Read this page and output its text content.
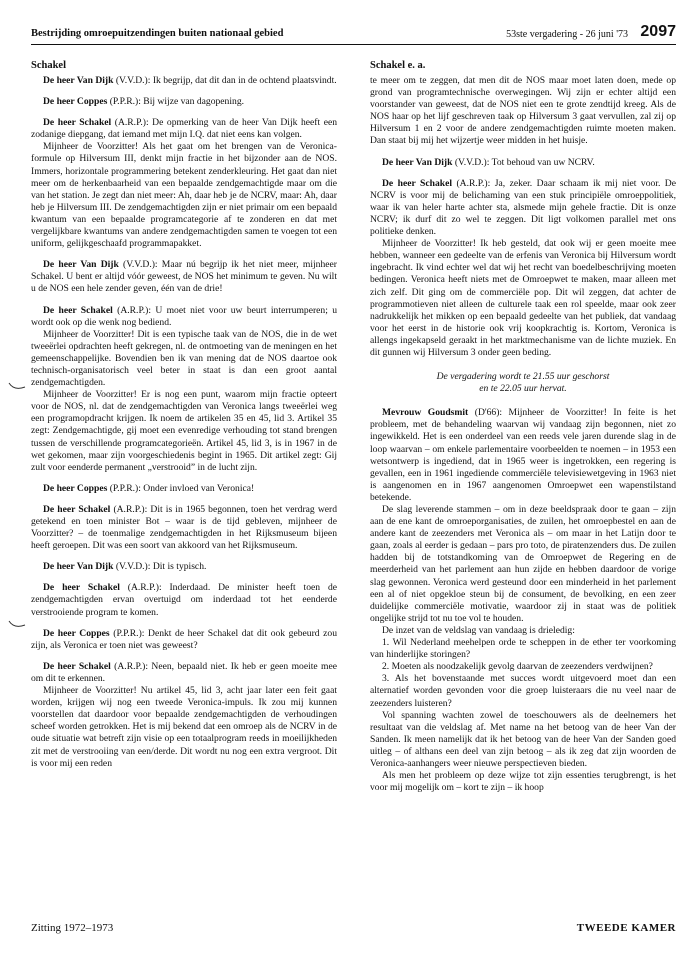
Bestrijding omroepuitzendingen buiten nationaal gebied	53ste vergadering - 26 juni '73 2097
Schakel

De heer Van Dijk (V.V.D.): Ik begrijp, dat dit dan in de ochtend plaatsvindt.

De heer Coppes (P.P.R.): Bij wijze van dagopening.

De heer Schakel (A.R.P.): De opmerking van de heer Van Dijk heeft een zodanige diepgang, dat iemand met mijn I.Q. dat niet eens kan volgen.

Mijnheer de Voorzitter! Als het gaat om het brengen van de Veronica-formule op Hilversum III, denkt mijn fractie in het bijzonder aan de NOS. Immers, horizontale programmering betekent zenderkleuring. Het gaat dan niet meer om de herkenbaarheid van een bepaalde zendgemachtigde maar om die van het station. Je zegt dan niet meer: Ah, daar heb je de NCRV, maar: Ah, daar heb je Hilversum III. De zendgemachtigden zijn er niet primair om een bepaald kwantum van een bepaalde programcategorie af te zonderen en dat met vergelijkbare kwantums van andere zendgemachtigden samen te voegen tot een uniform, gelijkgeschaafd programmapakket.

De heer Van Dijk (V.V.D.): Maar nú begrijp ik het niet meer, mijnheer Schakel. U bent er altijd vóór geweest, de NOS het minimum te geven. Nu wilt u de NOS een hele zender geven, één van de drie!

De heer Schakel (A.R.P.): U moet niet voor uw beurt interrumperen; u wordt ook op die wenk nog bediend.

Mijnheer de Voorzitter! Dit is een typische taak van de NOS, die in de wet tweeërlei opdrachten heeft gekregen, nl. de ontmoeting van de meningen en het gemeenschappelijke. Bovendien ben ik van mening dat de NOS daartoe ook technisch-organisatorisch veel beter in staat is dan een groot aantal zendgemachtigden.

Mijnheer de Voorzitter! Er is nog een punt, waarom mijn fractie opteert voor de NOS, nl. dat de zendgemachtigden van Veronica langs tweeërlei weg een programopdracht krijgen. Ik noem de artikelen 35 en 45, lid 3. Artikel 35 zegt: Zendgemachtigde, gij moet een evenredige verhouding tot stand brengen tussen de verschillende programcategorieën. Artikel 45, lid 3, is in 1967 in de wet gekomen, maar zijn voorgeschiedenis begint in 1965. Dit artikel zegt: Gij zult voor eenderde permanent „verstrooid” in de lucht zijn.

De heer Coppes (P.P.R.): Onder invloed van Veronica!

De heer Schakel (A.R.P.): Dit is in 1965 begonnen, toen het verdrag werd getekend en toen minister Bot – waar is de tijd gebleven, mijnheer de Voorzitter? – de toenmalige zendgemachtigden in het Rijksmuseum bijeen heeft geroepen. Dit was een soort van akkoord van het Rijksmuseum.

De heer Van Dijk (V.V.D.): Dit is typisch.

De heer Schakel (A.R.P.): Inderdaad. De minister heeft toen de zendgemachtigden ervan overtuigd om inderdaad tot het eenderde verstrooiende program te komen.

De heer Coppes (P.P.R.): Denkt de heer Schakel dat dit ook gebeurd zou zijn, als Veronica er toen niet was geweest?

De heer Schakel (A.R.P.): Neen, bepaald niet. Ik heb er geen moeite mee om dit te erkennen.

Mijnheer de Voorzitter! Nu artikel 45, lid 3, acht jaar later een feit gaat worden, krijgen wij nog een tweede Veronica-impuls. Ik zou mij kunnen voorstellen dat daardoor voor bepaalde zendgemachtigden de verhoudingen scheef worden getrokken. Het is mij bekend dat een omroep als de NCRV in de oude situatie wat betreft zijn visie op een totaalprogram reeds in moeilijkheden zit met de verstrooiing van een/derde. Dit wordt nu nog een extra vergroot. Dit is voor mij een reden

Schakel e. a.

te meer om te zeggen, dat men dit de NOS maar moet laten doen, mede op grond van programtechnische overwegingen. Wij zijn er echter altijd een voorstander van geweest, dat de NOS niet een te grote zendtijd kreeg. Als de NOS haar op het lijf geschreven taak op Hilversum 3 gaat vervullen, zal zij op Hilversum 1 en 2 voor de andere zendgemachtigden ruimte moeten maken. Dan staat bij mij het wijzertje weer midden in het huisje.

De heer Van Dijk (V.V.D.): Tot behoud van uw NCRV.

De heer Schakel (A.R.P.): Ja, zeker. Daar schaam ik mij niet voor. De NCRV is voor mij de belichaming van een stuk principiële omroeppolitiek, waar ik van heler harte achter sta, alsmede mijn gehele fractie. Dit is onze NCRV; ik durf dit zo wel te zeggen. Dit ligt volkomen parallel met ons politieke denken.

Mijnheer de Voorzitter! Ik heb gesteld, dat ook wij er geen moeite mee hebben, wanneer een gedeelte van de erfenis van Veronica bij Hilversum wordt ingebracht. Ik vind echter wel dat wij het recht van boedelbeschrijving moeten bedingen. Veronica heeft niets met de Omroepwet te maken, maar alleen met zich zelf. Dit ging om de commerciële pop. Dit wil zeggen, dat achter de programmotieven niet alleen de culturele taak een rol speelde, maar ook zeer nadrukkelijk het mikken op een bepaald gedeelte van het publiek, dat vandaag voor het eerst in de historie ook vrij koopkrachtig is. Kortom, Veronica is allengs ingekapseld geraakt in het marktmechanisme van de lichte muziek. En dit gunnen wij Hilversum 3 onder geen beding.

De vergadering wordt te 21.55 uur geschorst
en te 22.05 uur hervat.

Mevrouw Goudsmit (D'66): Mijnheer de Voorzitter! In feite is het probleem, met de behandeling waarvan wij vandaag zijn begonnen, niet zo ingewikkeld. Het is een onderdeel van een reeds vele jaren durende slag in de loop waarvan – om enkele parlementaire voorbeelden te noemen – in 1953 een wetsontwerp is ingediend, dat in 1965 weer is ingetrokken, een regering is gevallen, een in 1961 ingediende commerciële televisiewetgeving in 1963 niet is aangenomen en in 1967 aangenomen Omroepwet een wapenstilstand betekende.

De slag leverende stammen – om in deze beeldspraak door te gaan – zijn aan de ene kant de omroeporganisaties, de zuilen, het omroepbestel en aan de andere kant de zeezenders met Veronica als – om maar in het Latijn door te gaan, zoals al eerder is gedaan – pars pro toto, de piratenzenders dus. De zuilen hadden bij de totstandkoming van de Omroepwet de Regering en de meerderheid van het parlement aan hun zijde en hebben daardoor de vorige slag gewonnen. Veronica werd gesteund door een minderheid in het parlement een al of niet opgekloe steun bij de consument, de bevolking, en een zeer duidelijke commerciële motivatie, waardoor zij in staat was de politiek ongelijke strijd tot nu toe vol te houden.

De inzet van de veldslag van vandaag is drieledig:

1. Wil Nederland meehelpen orde te scheppen in de ether ter voorkoming van hinderlijke storingen?

2. Moeten als noodzakelijk gevolg daarvan de zeezenders verdwijnen?

3. Als het bovenstaande met succes wordt uitgevoerd moet dan een alternatief worden gevonden voor die groep luisteraars die nu veel naar de zeezenders luisteren?

Vol spanning wachten zowel de toeschouwers als de deelnemers het resultaat van die veldslag af. Met name na het betoog van de heer Van der Sanden. Ik meen namelijk dat ik het betoog van de heer Van der Sanden goed uitleg – of althans een deel van zijn betoog – als ik zeg dat zijn woorden de Veronica-aanhangers weer nieuwe perspectieven bieden.

Als men het probleem op deze wijze tot zijn essenties terugbrengt, is het voor mij mogelijk om – kort te zijn – ik hoop

Zitting 1972–1973	TWEEDE KAMER
